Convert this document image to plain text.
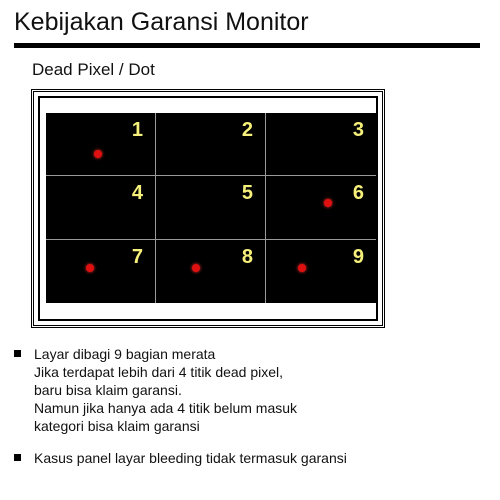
Kebijakan Garansi Monitor
Dead Pixel / Dot
1	2	3
4	5	6
7	8	9
Layar dibagi 9 bagian merata
Jika terdapat lebih dari 4 titik dead pixel,
baru bisa klaim garansi.
Namun jika hanya ada 4 titik belum masuk
kategori bisa klaim garansi
Kasus panel layar bleeding tidak termasuk garansi
